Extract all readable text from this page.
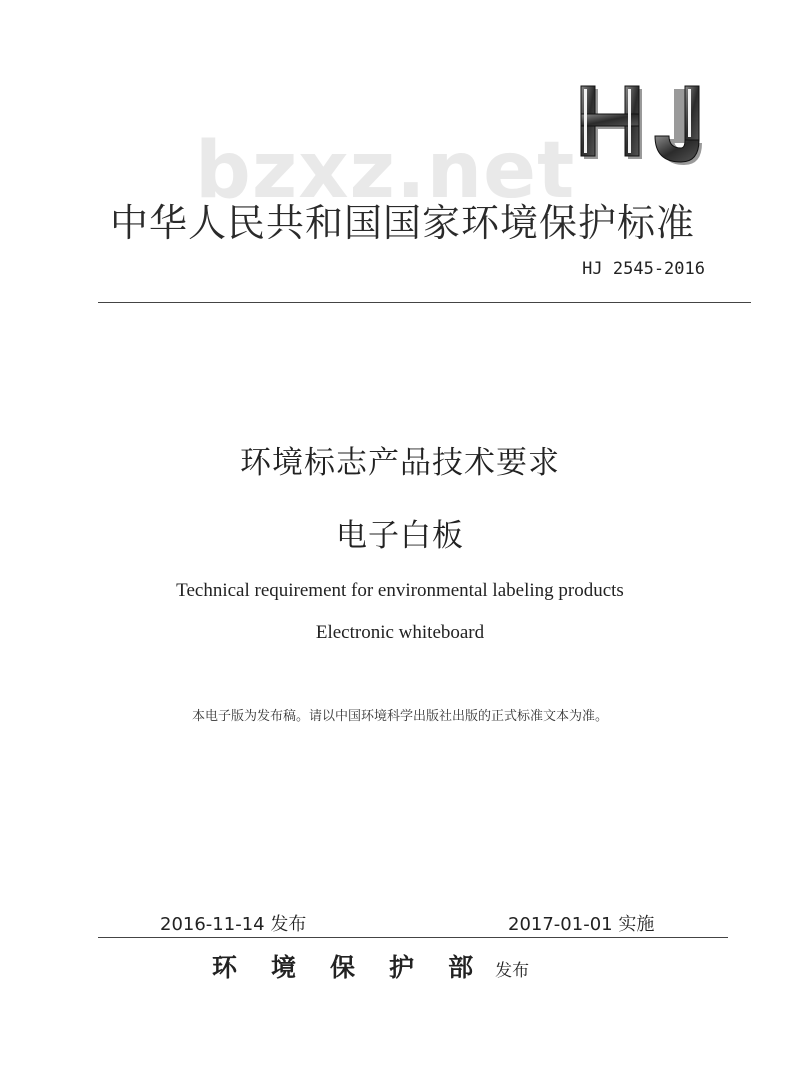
bzxz.net
中华人民共和国国家环境保护标准
HJ 2545-2016
环境标志产品技术要求
电子白板
Technical requirement for environmental labeling products
Electronic whiteboard
本电子版为发布稿。请以中国环境科学出版社出版的正式标准文本为准。
2016-11-14 发布	2017-01-01 实施
环 境 保 护 部 发布
